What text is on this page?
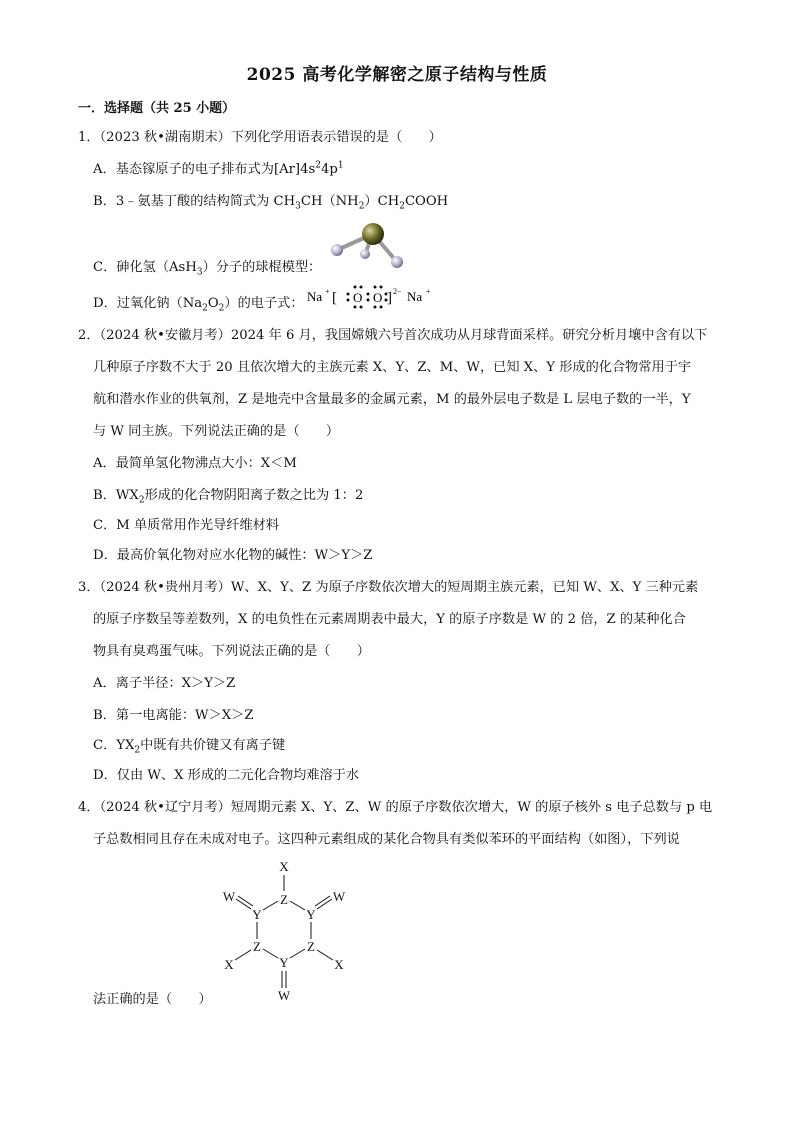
2025 高考化学解密之原子结构与性质
一．选择题（共 25 小题）
1．（2023 秋•湖南期末）下列化学用语表示错误的是（　　）
A．基态镓原子的电子排布式为$[Ar]4s^24p^1$
B．3﹣氨基丁酸的结构简式为 $CH_3CH(NH_2)CH_2COOH$
C．砷化氢（AsH$_3$）分子的球棍模型：
D．过氧化钠$(Na_2O_2)$的电子式： Na + [ O O ] 2− Na +
2．（2024 秋•安徽月考）2024 年 6 月，我国嫦娥六号首次成功从月球背面采样。研究分析月壤中含有以下
几种原子序数不大于 20 且依次增大的主族元素 X、Y、Z、M、W，已知 X、Y 形成的化合物常用于宇
航和潜水作业的供氧剂，Z 是地壳中含量最多的金属元素，M 的最外层电子数是 L 层电子数的一半，Y
与 W 同主族。下列说法正确的是（　　）
A．最简单氢化物沸点大小：X＜M
B．$WX_2$形成的化合物阴阳离子数之比为 1：2
C．M 单质常用作光导纤维材料
D．最高价氧化物对应水化物的碱性：W＞Y＞Z
3．（2024 秋•贵州月考）W、X、Y、Z 为原子序数依次增大的短周期主族元素，已知 W、X、Y 三种元素
的原子序数呈等差数列，X 的电负性在元素周期表中最大，Y 的原子序数是 W 的 2 倍，Z 的某种化合
物具有臭鸡蛋气味。下列说法正确的是（　　）
A．离子半径：X＞Y＞Z
B．第一电离能：W＞X＞Z
C．$YX_2$中既有共价键又有离子键
D．仅由 W、X 形成的二元化合物均难溶于水
4．（2024 秋•辽宁月考）短周期元素 X、Y、Z、W 的原子序数依次增大，W 的原子核外 s 电子总数与 p 电
子总数相同且存在未成对电子。这四种元素组成的某化合物具有类似苯环的平面结构（如图），下列说
X
Z
Y	Y
W	W
Z	Z
Y
X	X
W
法正确的是（　　）
